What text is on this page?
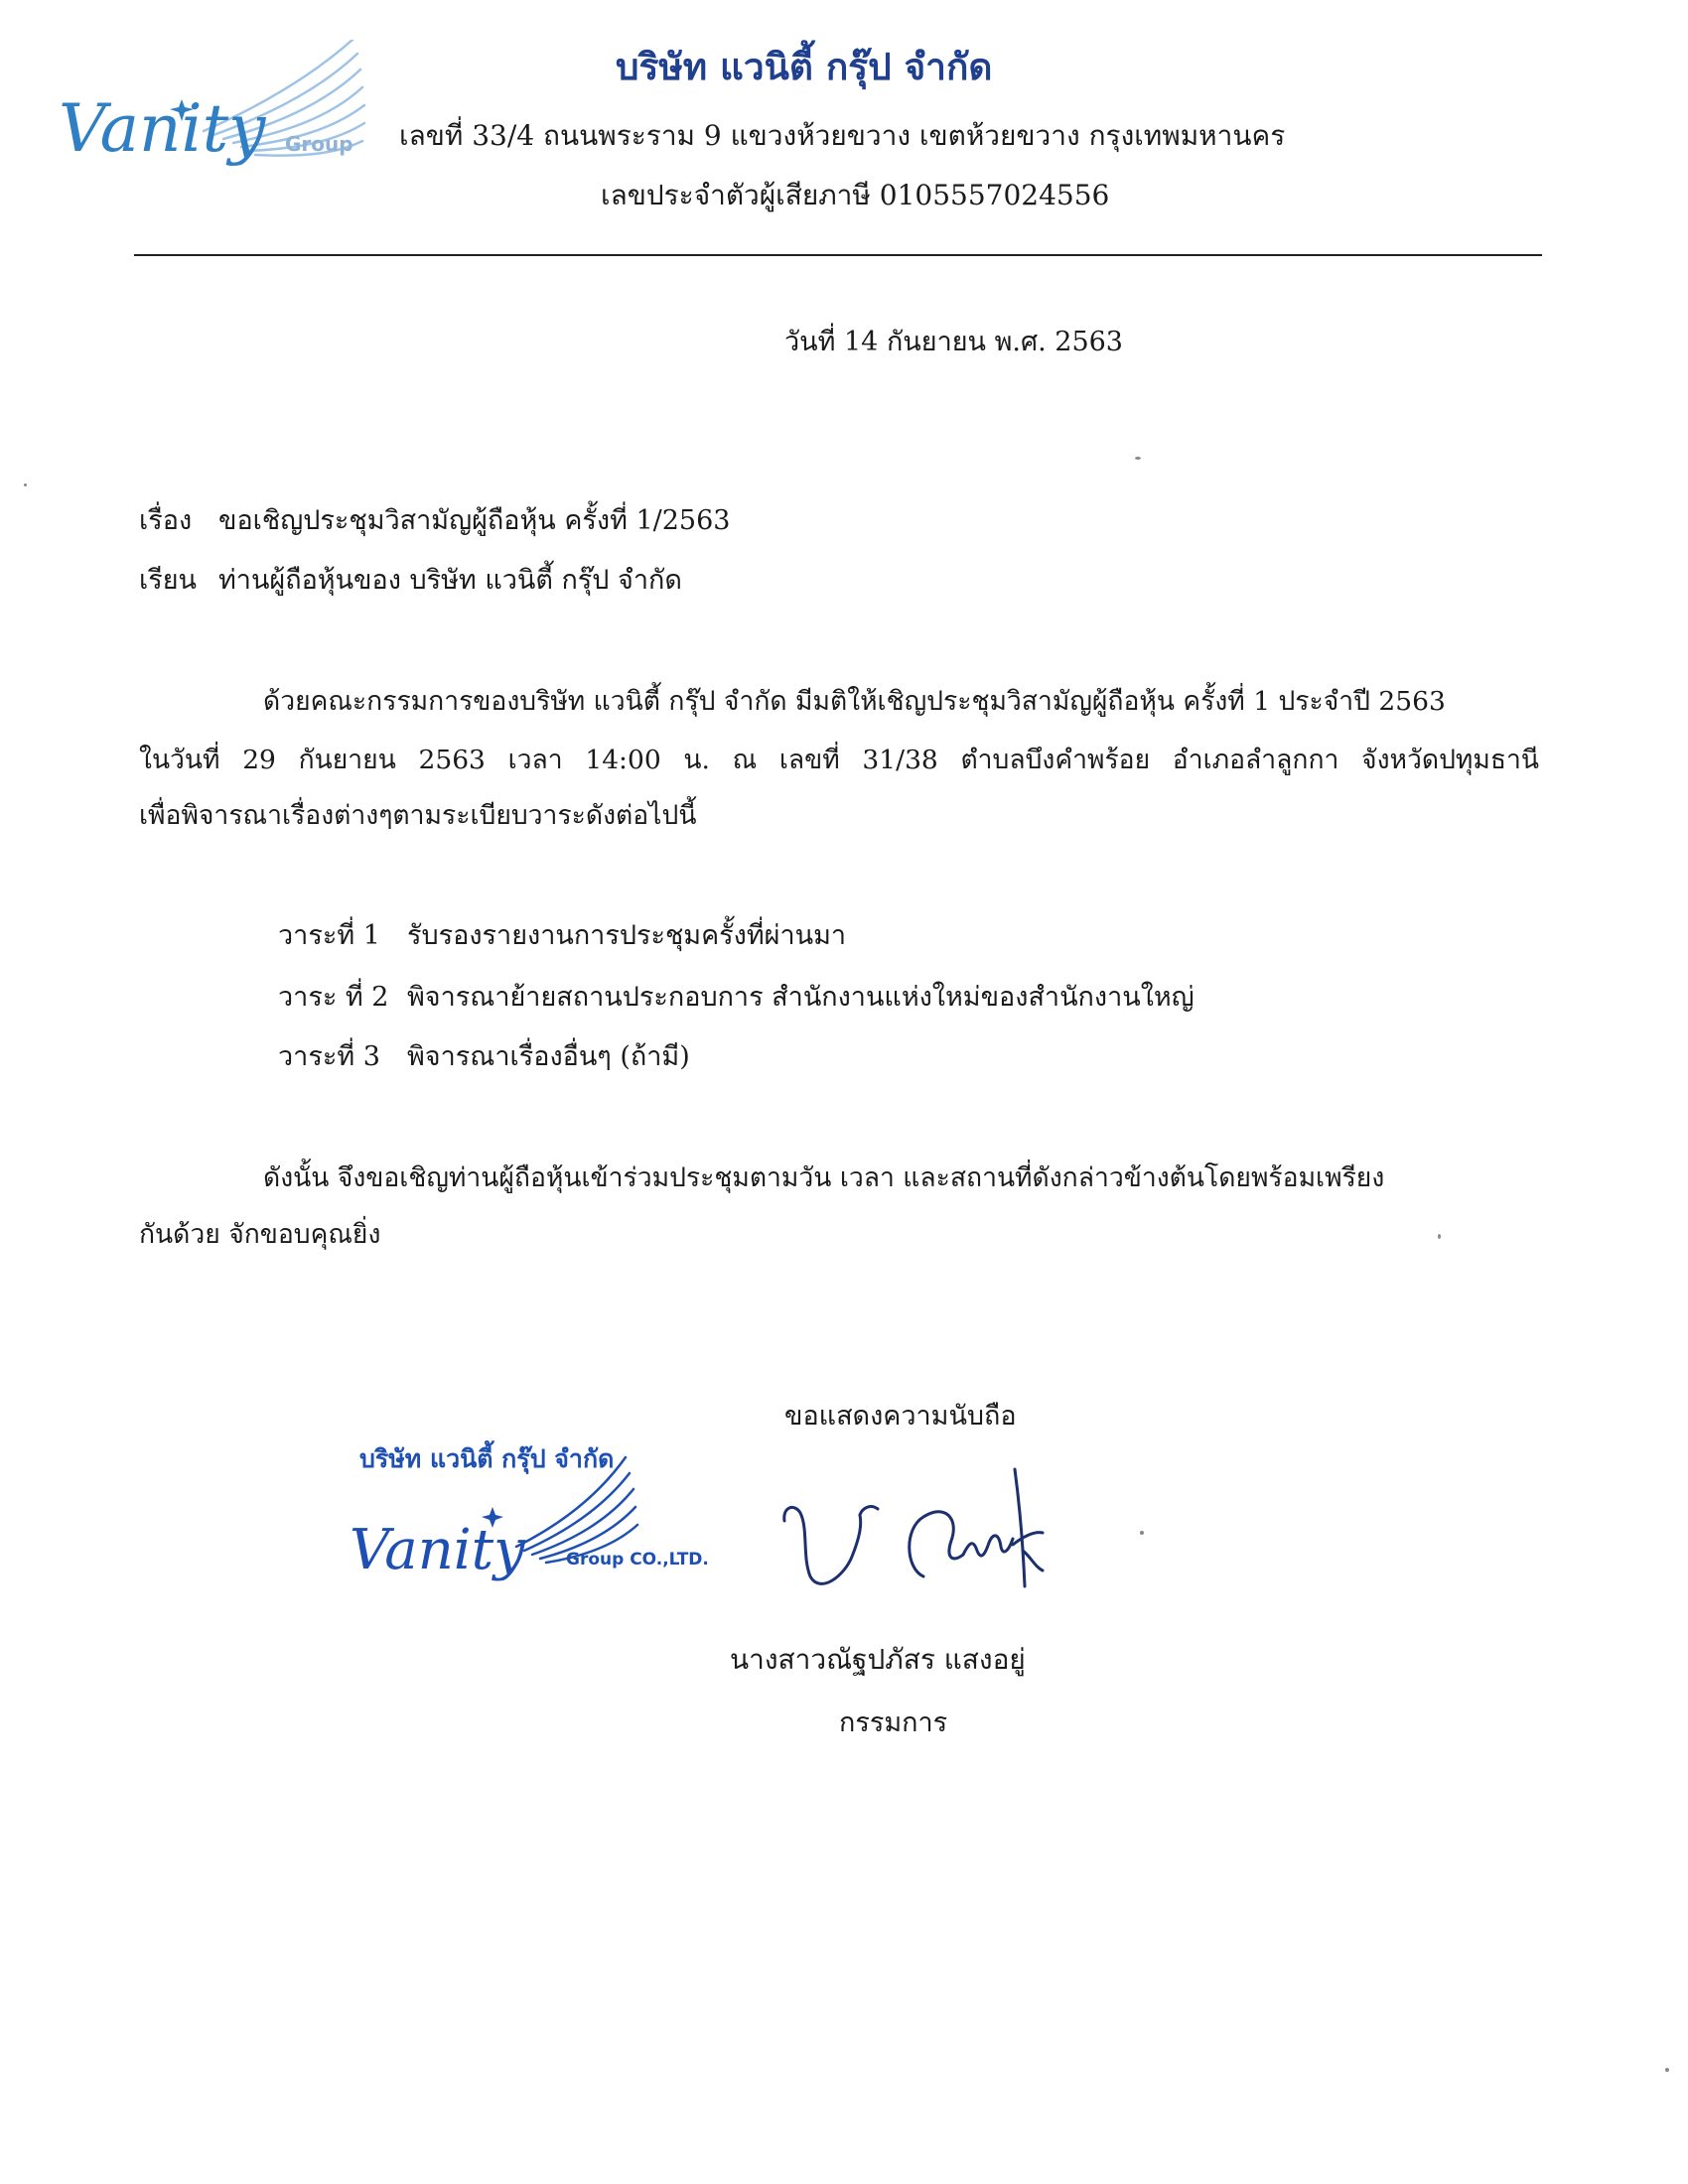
Vanity Group
บริษัท แวนิตี้ กรุ๊ป จำกัด
เลขที่ 33/4 ถนนพระราม 9 แขวงห้วยขวาง เขตห้วยขวาง กรุงเทพมหานคร
เลขประจำตัวผู้เสียภาษี 0105557024556
วันที่ 14 กันยายน พ.ศ. 2563
เรื่อง ขอเชิญประชุมวิสามัญผู้ถือหุ้น ครั้งที่ 1/2563
เรียน ท่านผู้ถือหุ้นของ บริษัท แวนิตี้ กรุ๊ป จำกัด
ด้วยคณะกรรมการของบริษัท แวนิตี้ กรุ๊ป จำกัด มีมติให้เชิญประชุมวิสามัญผู้ถือหุ้น ครั้งที่ 1 ประจำปี 2563
ในวันที่ 29 กันยายน 2563 เวลา 14:00 น. ณ เลขที่ 31/38 ตำบลบึงคำพร้อย อำเภอลำลูกกา จังหวัดปทุมธานี
เพื่อพิจารณาเรื่องต่างๆตามระเบียบวาระดังต่อไปนี้
วาระที่ 1 รับรองรายงานการประชุมครั้งที่ผ่านมา
วาระ ที่ 2 พิจารณาย้ายสถานประกอบการ สำนักงานแห่งใหม่ของสำนักงานใหญ่
วาระที่ 3 พิจารณาเรื่องอื่นๆ (ถ้ามี)
ดังนั้น จึงขอเชิญท่านผู้ถือหุ้นเข้าร่วมประชุมตามวัน เวลา และสถานที่ดังกล่าวข้างต้นโดยพร้อมเพรียง
กันด้วย จักขอบคุณยิ่ง
ขอแสดงความนับถือ
บริษัท แวนิตี้ กรุ๊ป จำกัด
Vanity Group CO.,LTD.
นางสาวณัฐปภัสร แสงอยู่
กรรมการ
